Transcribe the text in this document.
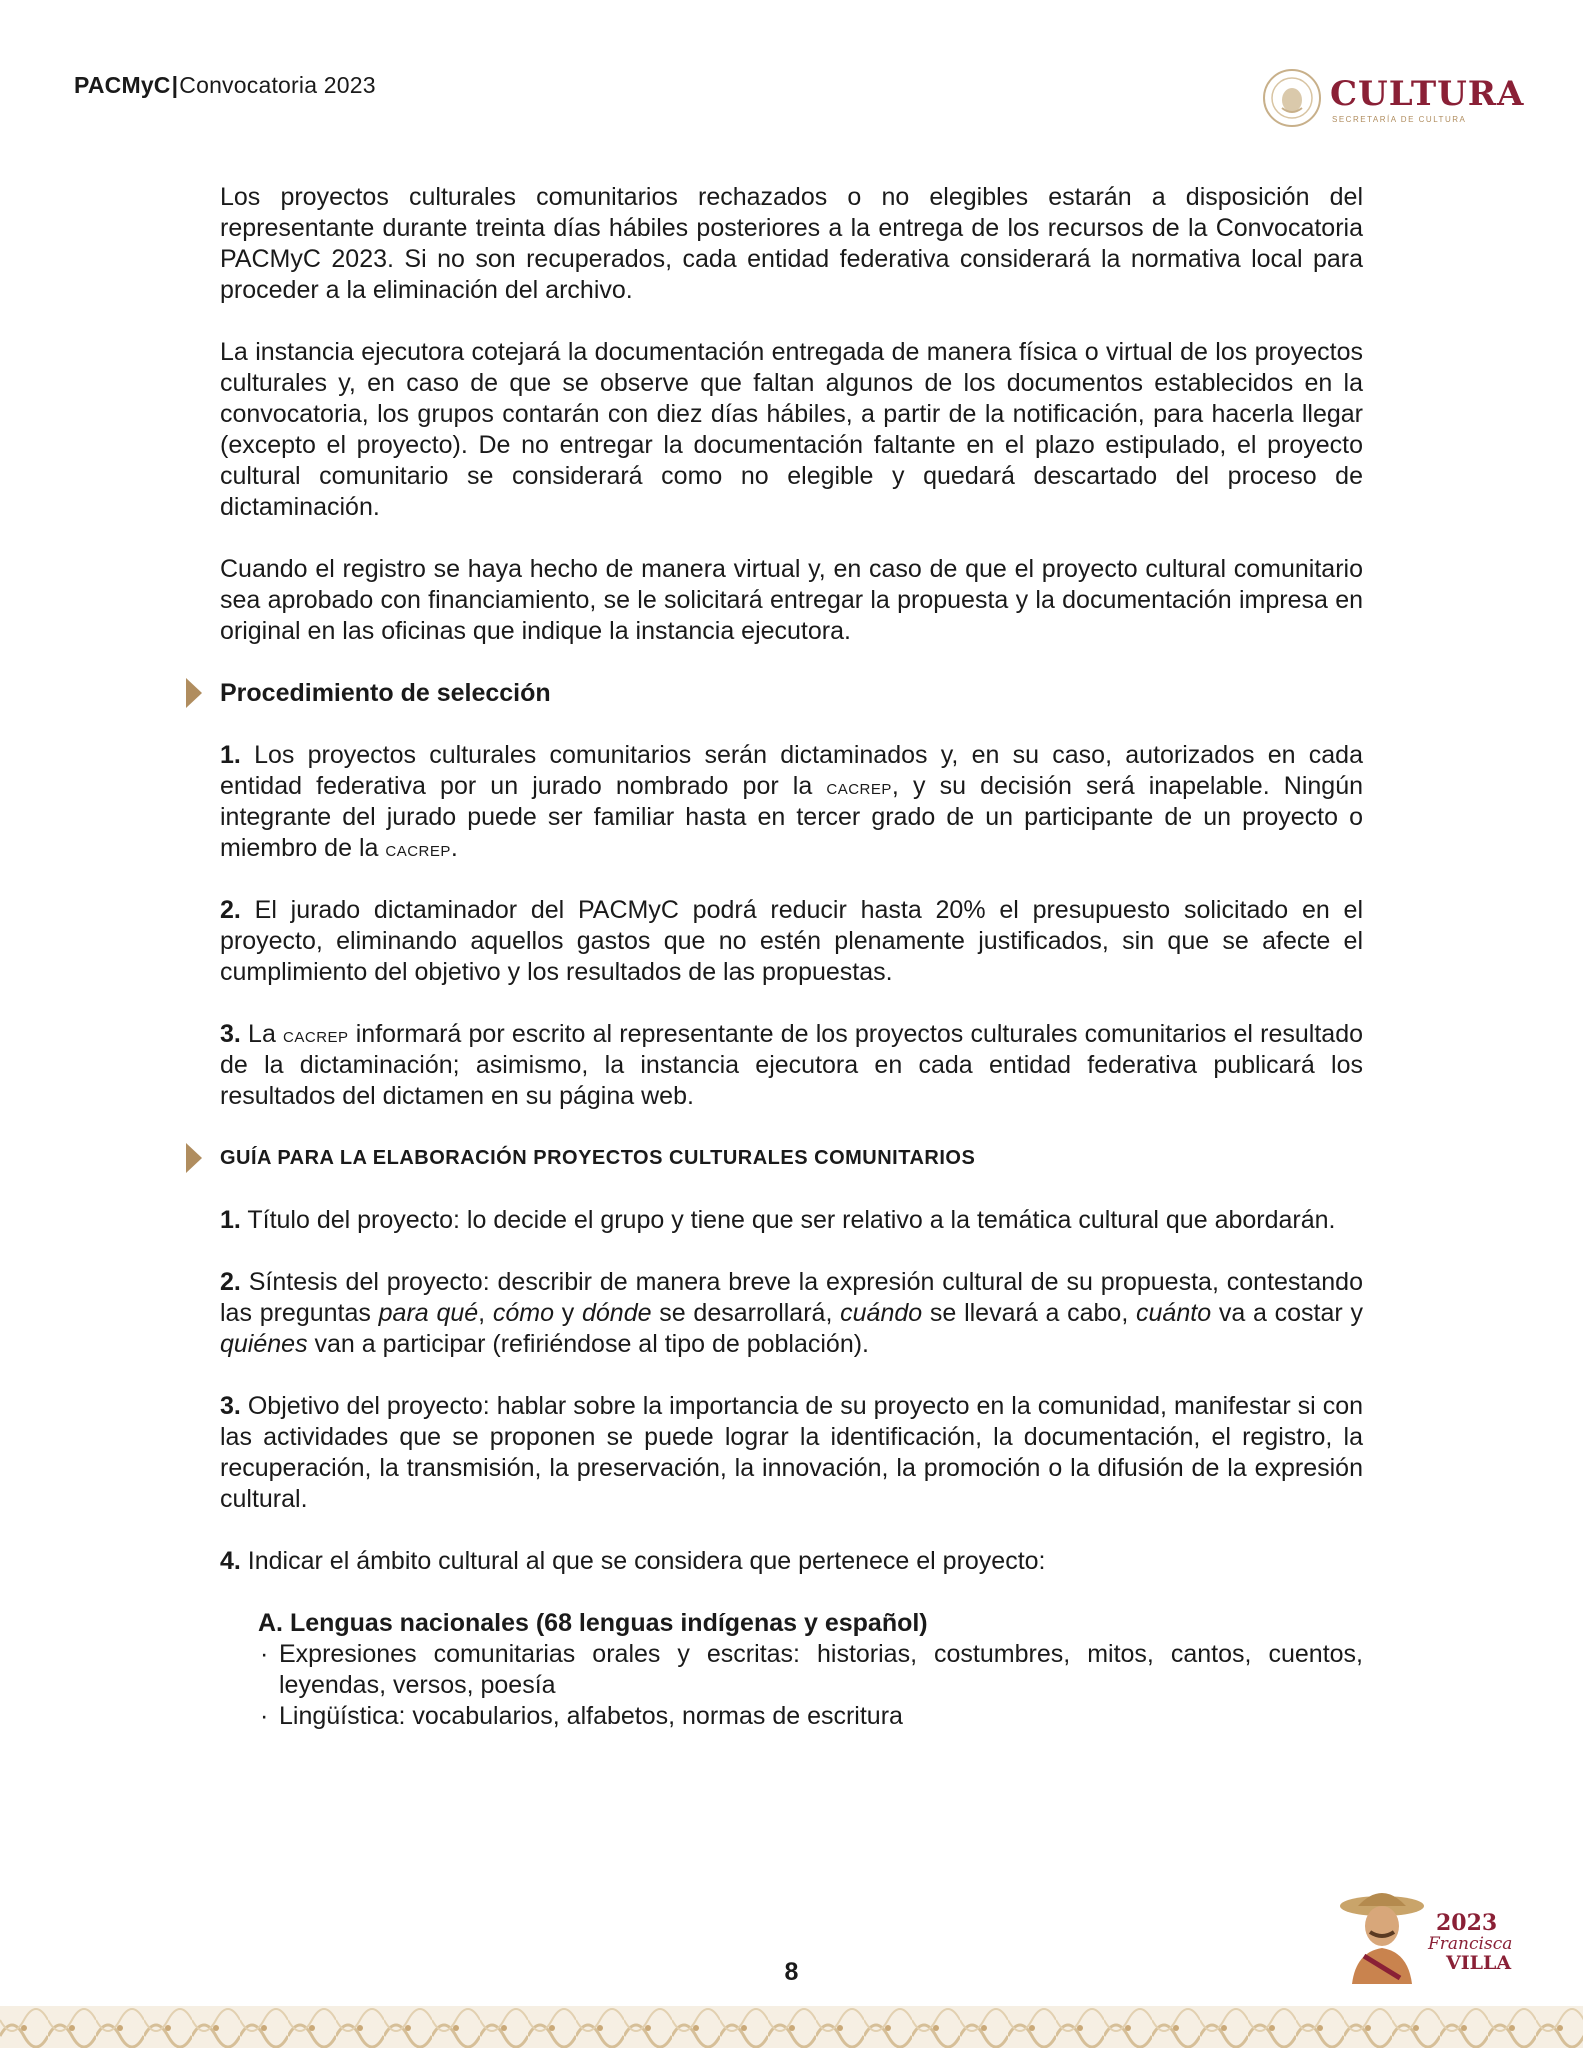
PACMyC|Convocatoria 2023	CULTURA
SECRETARÍA DE CULTURA

Los proyectos culturales comunitarios rechazados o no elegibles estarán a disposición del representante durante treinta días hábiles posteriores a la entrega de los recursos de la Convocatoria PACMyC 2023. Si no son recuperados, cada entidad federativa considerará la normativa local para proceder a la eliminación del archivo.

La instancia ejecutora cotejará la documentación entregada de manera física o virtual de los proyectos culturales y, en caso de que se observe que faltan algunos de los documentos establecidos en la convocatoria, los grupos contarán con diez días hábiles, a partir de la notificación, para hacerla llegar (excepto el proyecto). De no entregar la documentación faltante en el plazo estipulado, el proyecto cultural comunitario se considerará como no elegible y quedará descartado del proceso de dictaminación.

Cuando el registro se haya hecho de manera virtual y, en caso de que el proyecto cultural comunitario sea aprobado con financiamiento, se le solicitará entregar la propuesta y la documentación impresa en original en las oficinas que indique la instancia ejecutora.

Procedimiento de selección

1. Los proyectos culturales comunitarios serán dictaminados y, en su caso, autorizados en cada entidad federativa por un jurado nombrado por la cacrep, y su decisión será inapelable. Ningún integrante del jurado puede ser familiar hasta en tercer grado de un participante de un proyecto o miembro de la cacrep.

2. El jurado dictaminador del PACMyC podrá reducir hasta 20% el presupuesto solicitado en el proyecto, eliminando aquellos gastos que no estén plenamente justificados, sin que se afecte el cumplimiento del objetivo y los resultados de las propuestas.

3. La cacrep informará por escrito al representante de los proyectos culturales comunitarios el resultado de la dictaminación; asimismo, la instancia ejecutora en cada entidad federativa publicará los resultados del dictamen en su página web.

GUÍA PARA LA ELABORACIÓN PROYECTOS CULTURALES COMUNITARIOS

1. Título del proyecto: lo decide el grupo y tiene que ser relativo a la temática cultural que abordarán.

2. Síntesis del proyecto: describir de manera breve la expresión cultural de su propuesta, contestando las preguntas para qué, cómo y dónde se desarrollará, cuándo se llevará a cabo, cuánto va a costar y quiénes van a participar (refiriéndose al tipo de población).

3. Objetivo del proyecto: hablar sobre la importancia de su proyecto en la comunidad, manifestar si con las actividades que se proponen se puede lograr la identificación, la documentación, el registro, la recuperación, la transmisión, la preservación, la innovación, la promoción o la difusión de la expresión cultural.

4. Indicar el ámbito cultural al que se considera que pertenece el proyecto:

A. Lenguas nacionales (68 lenguas indígenas y español)
· Expresiones comunitarias orales y escritas: historias, costumbres, mitos, cantos, cuentos, leyendas, versos, poesía
· Lingüística: vocabularios, alfabetos, normas de escritura
2023
Francisca
VILLA
8
